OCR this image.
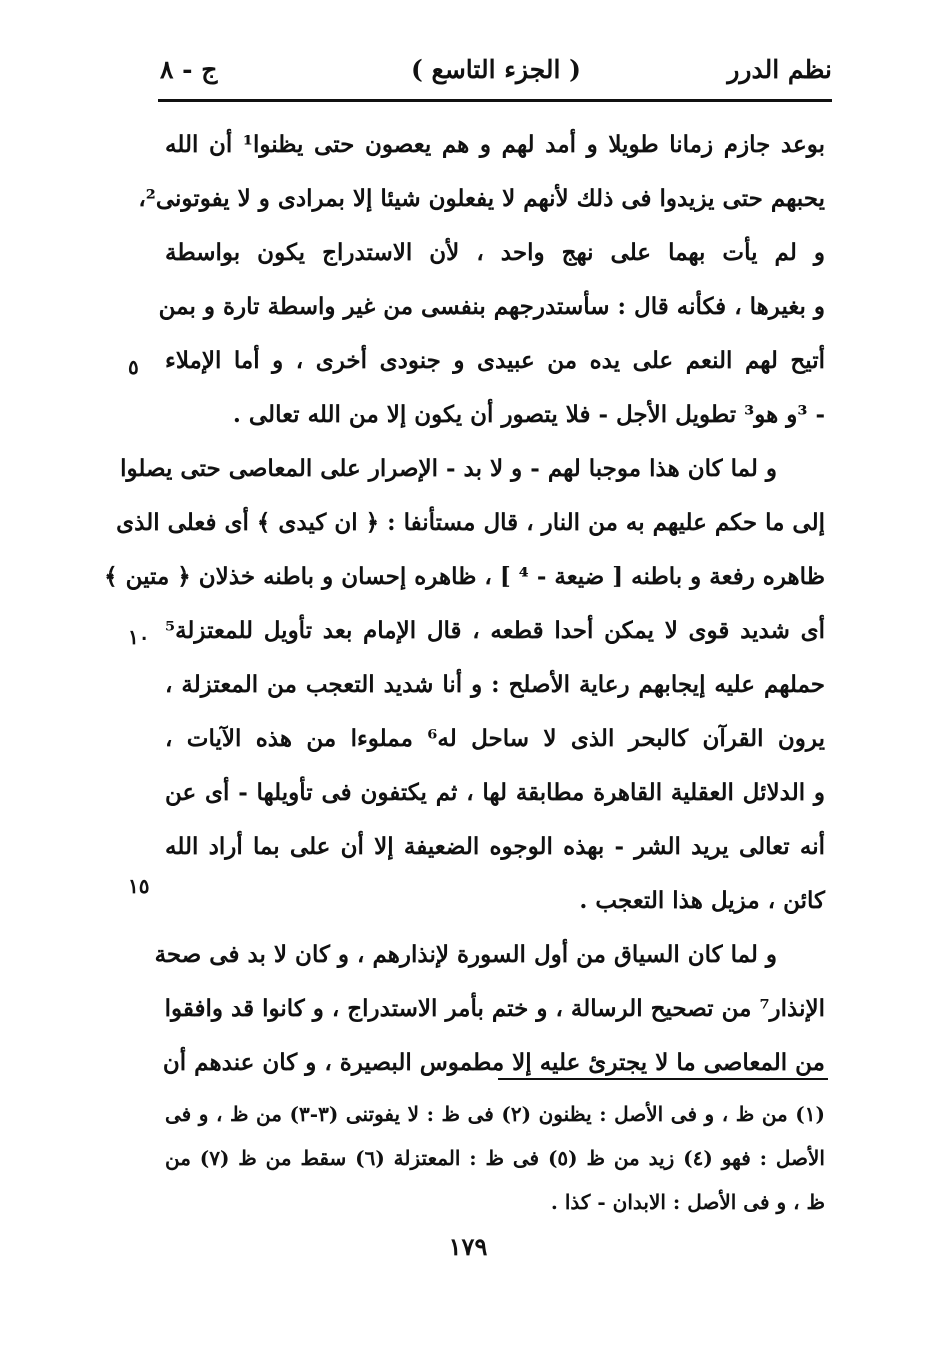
نظم الدرر
( الجزء التاسع )
ج - ٨
بوعد جازم زمانا طويلا و أمد لهم و هم يعصون حتى يظنوا¹ أن الله
يحبهم حتى يزيدوا فى ذلك لأنهم لا يفعلون شيئا إلا بمرادى و لا يفوتونى²،
و لم يأت بهما على نهج واحد ، لأن الاستدراج يكون بواسطة
و بغيرها ، فكأنه قال : سأستدرجهم بنفسى من غير واسطة تارة و بمن
أتيح لهم النعم على يده من عبيدى و جنودى أخرى ، و أما الإملاء
- ³و هو³ تطويل الأجل - فلا يتصور أن يكون إلا من الله تعالى .
و لما كان هذا موجبا لهم - و لا بد - الإصرار على المعاصى حتى يصلوا
إلى ما حكم عليهم به من النار ، قال مستأنفا : ﴿ ان كيدى ﴾ أى فعلى الذى
ظاهره رفعة و باطنه [ ضيعة - ⁴ ] ، ظاهره إحسان و باطنه خذلان ﴿ متين ﴾
أى شديد قوى لا يمكن أحدا قطعه ، قال الإمام بعد تأويل للمعتزلة⁵
حملهم عليه إيجابهم رعاية الأصلح : و أنا شديد التعجب من المعتزلة ،
يرون القرآن كالبحر الذى لا ساحل له⁶ مملوءا من هذه الآيات ،
و الدلائل العقلية القاهرة مطابقة لها ، ثم يكتفون فى تأويلها - أى عن
أنه تعالى يريد الشر - بهذه الوجوه الضعيفة إلا أن على بما أراد الله
كائن ، مزيل هذا التعجب .
و لما كان السياق من أول السورة لإنذارهم ، و كان لا بد فى صحة
الإنذار⁷ من تصحيح الرسالة ، و ختم بأمر الاستدراج ، و كانوا قد وافقوا
من المعاصى ما لا يجترئ عليه إلا مطموس البصيرة ، و كان عندهم أن
٥
١٠
١٥
(١) من ظ ، و فى الأصل : يظنون (٢) فى ظ : لا يفوتنى (٣-٣) من ظ ، و فى
الأصل : فهو (٤) زيد من ظ (٥) فى ظ : المعتزلة (٦) سقط من ظ (٧) من
ظ ، و فى الأصل : الابدان - كذا .
١٧٩
